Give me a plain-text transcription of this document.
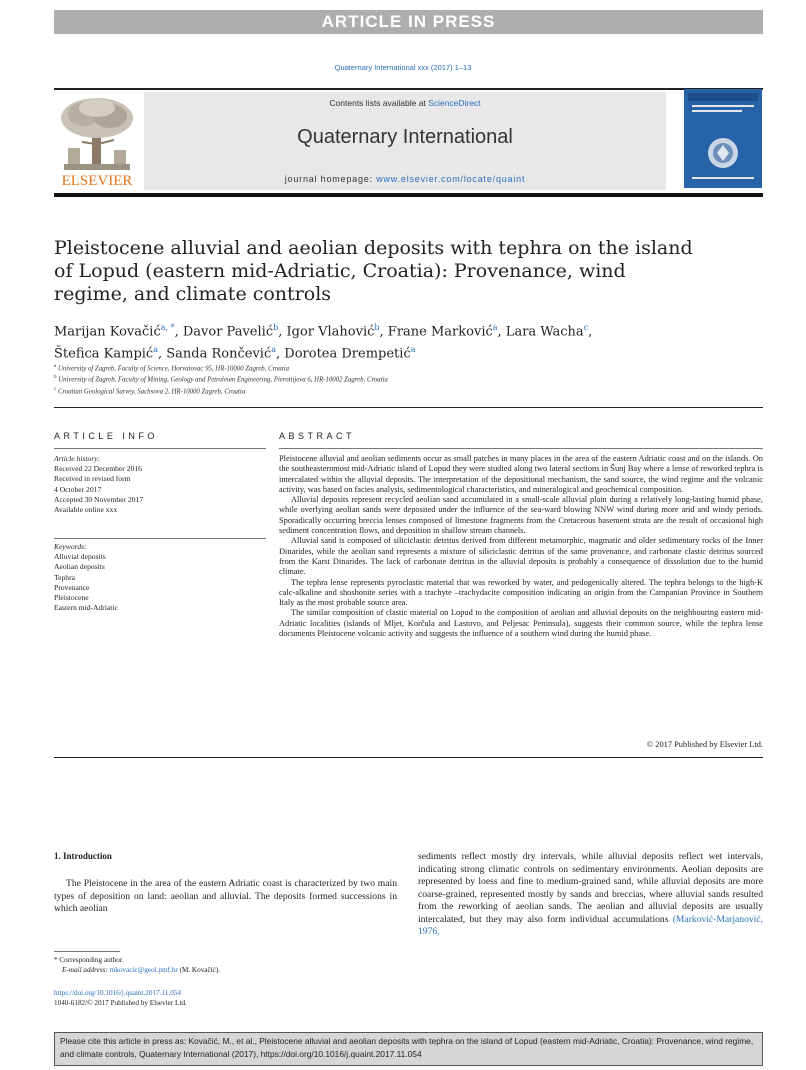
ARTICLE IN PRESS
Quaternary International xxx (2017) 1–13
ELSEVIER
Contents lists available at ScienceDirect
Quaternary International
journal homepage: www.elsevier.com/locate/quaint
Pleistocene alluvial and aeolian deposits with tephra on the island of Lopud (eastern mid-Adriatic, Croatia): Provenance, wind regime, and climate controls
Marijan Kovačić$^{a, *}$, Davor Pavelić$^b$, Igor Vlahović$^b$, Frane Marković$^a$, Lara Wacha$^c$,
Štefica Kampić$^a$, Sanda Rončević$^a$, Dorotea Drempetić$^a$
$^a$ University of Zagreb, Faculty of Science, Horvatovac 95, HR-10000 Zagreb, Croatia
$^b$ University of Zagreb, Faculty of Mining, Geology and Petroleum Engineering, Pierottijeva 6, HR-10002 Zagreb, Croatia
$^c$ Croatian Geological Survey, Sachsova 2, HR-10000 Zagreb, Croatia
ARTICLE INFO	ABSTRACT
Article history:
Received 22 December 2016
Received in revised form
4 October 2017
Accepted 30 November 2017
Available online xxx
Keywords:
Alluvial deposits
Aeolian deposits
Tephra
Provenance
Pleistocene
Eastern mid-Adriatic

Pleistocene alluvial and aeolian sediments occur as small patches in many places in the area of the eastern Adriatic coast and on the islands. On the southeasternmost mid-Adriatic island of Lopud they were studied along two lateral sections in Šunj Bay where a lense of reworked tephra is intercalated within the alluvial deposits. The interpretation of the depositional mechanism, the sand source, the wind regime and the volcanic activity, was based on facies analysis, sedimentological characteristics, and mineralogical and geochemical composition.

Alluvial deposits represent recycled aeolian sand accumulated in a small-scale alluvial plain during a relatively long-lasting humid phase, while overlying aeolian sands were deposited under the influence of the sea-ward blowing NNW wind during more arid and windy periods. Sporadically occurring breccia lenses composed of limestone fragments from the Cretaceous basement strata are the result of occasional high sediment concentration flows, and deposition in shallow stream channels.

Alluvial sand is composed of siliciclastic detritus derived from different metamorphic, magmatic and older sedimentary rocks of the Inner Dinarides, while the aeolian sand represents a mixture of siliciclastic detritus of the same provenance, and carbonate clastic detritus sourced from the Karst Dinarides. The lack of carbonate detritus in the alluvial deposits is probably a consequence of dissolution due to the humid climate.

The tephra lense represents pyroclastic material that was reworked by water, and pedogenically altered. The tephra belongs to the high-K calc-alkaline and shoshonite series with a trachyte –trachydacite composition indicating an origin from the Campanian Province in Southern Italy as the most probable source area.

The similar composition of clastic material on Lopud to the composition of aeolian and alluvial deposits on the neighbouring eastern mid-Adriatic localities (islands of Mljet, Korčula and Lastovo, and Peljesac Peninsula), suggests their common source, while the tephra lense documents Pleistocene volcanic activity and suggests the influence of a southern wind during the humid phase.

© 2017 Published by Elsevier Ltd.
1. Introduction
The Pleistocene in the area of the eastern Adriatic coast is characterized by two main types of deposition on land: aeolian and alluvial. The deposits formed successions in which aeolian
sediments reflect mostly dry intervals, while alluvial deposits reflect wet intervals, indicating strong climatic controls on sedimentary environments. Aeolian deposits are represented by loess and fine to medium-grained sand, while alluvial deposits are more coarse-grained, represented mostly by sands and breccias, where alluvial sands resulted from the reworking of aeolian sands. The aeolian and alluvial deposits are usually intercalated, but they may also form individual accumulations (Marković-Marjanović, 1976,
* Corresponding author.
E-mail address: mkovacic@geol.pmf.hr (M. Kovačić).
https://doi.org/10.1016/j.quaint.2017.11.054
1040-6182/© 2017 Published by Elsevier Ltd.
Please cite this article in press as: Kovačić, M., et al., Pleistocene alluvial and aeolian deposits with tephra on the island of Lopud (eastern mid-Adriatic, Croatia): Provenance, wind regime, and climate controls, Quaternary International (2017), https://doi.org/10.1016/j.quaint.2017.11.054
